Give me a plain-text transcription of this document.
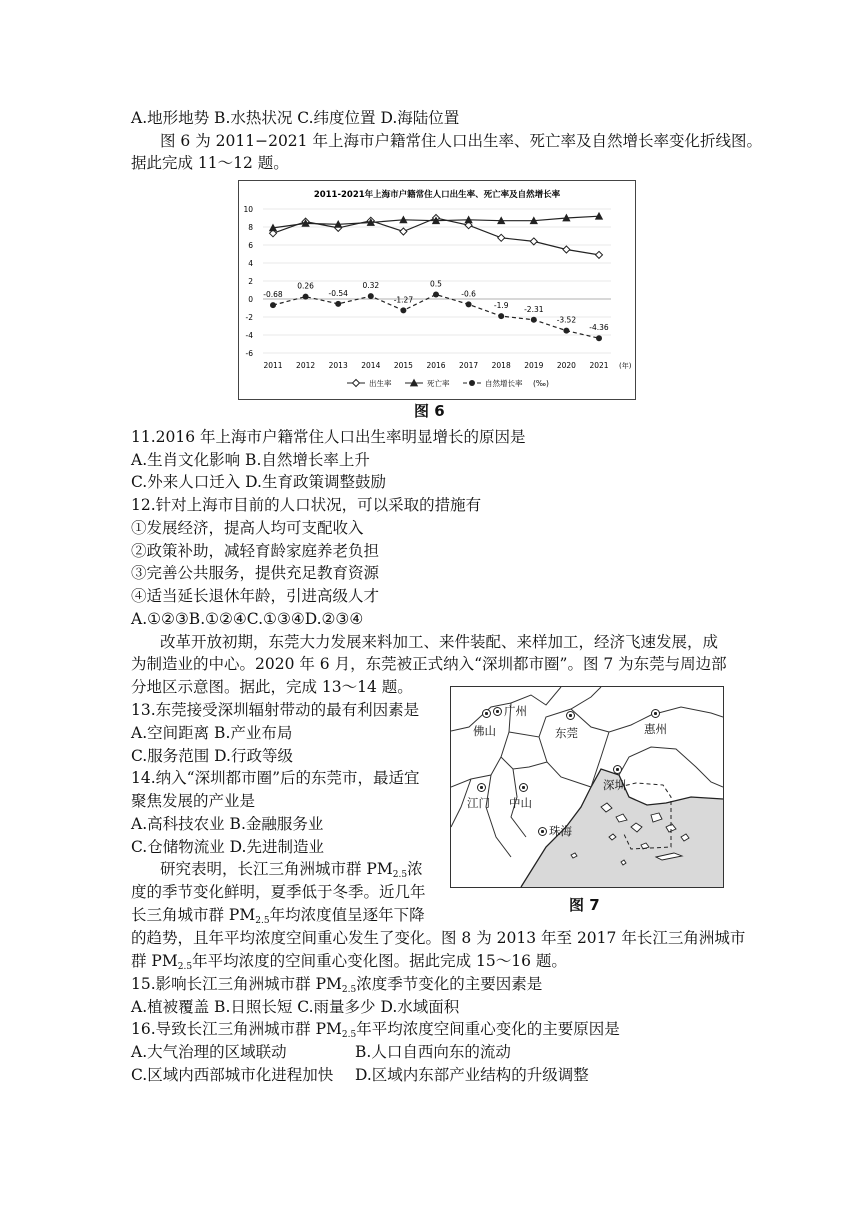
A.地形地势 B.水热状况 C.纬度位置 D.海陆位置
图 6 为 2011−2021 年上海市户籍常住人口出生率、死亡率及自然增长率变化折线图。
据此完成 11～12 题。
2011-2021年上海市户籍常住人口出生率、死亡率及自然增长率
-6
-4
-2
0
2
4
6
8
10
2011 2012 2013 2014 2015 2016 2017 2018 2019 2020 2021 (年)
-0.68
0.26
-0.54
0.32
-1.27
0.5
-0.6
-1.9 -2.31
-3.52
-4.36
出生率	死亡率	自然增长率 (‰)
图 6
11.2016 年上海市户籍常住人口出生率明显增长的原因是
A.生肖文化影响 B.自然增长率上升
C.外来人口迁入 D.生育政策调整鼓励
12.针对上海市目前的人口状况，可以采取的措施有
①发展经济，提高人均可支配收入
②政策补助，减轻育龄家庭养老负担
③完善公共服务，提供充足教育资源
④适当延长退休年龄，引进高级人才
A.①②③B.①②④C.①③④D.②③④
改革开放初期，东莞大力发展来料加工、来件装配、来样加工，经济飞速发展，成
为制造业的中心。2020 年 6 月，东莞被正式纳入“深圳都市圈”。图 7 为东莞与周边部
分地区示意图。据此，完成 13～14 题。
13.东莞接受深圳辐射带动的最有利因素是
A.空间距离 B.产业布局
C.服务范围 D.行政等级
14.纳入“深圳都市圈”后的东莞市，最适宜
聚焦发展的产业是
A.高科技农业 B.金融服务业
C.仓储物流业 D.先进制造业
研究表明，长江三角洲城市群 $PM_{2.5}$浓
度的季节变化鲜明，夏季低于冬季。近几年
长三角城市群 $PM_{2.5}$年均浓度值呈逐年下降
的趋势，且年平均浓度空间重心发生了变化。图 8 为 2013 年至 2017 年长江三角洲城市
群 $PM_{2.5}$年平均浓度的空间重心变化图。据此完成 15～16 题。
15.影响长江三角洲城市群 $PM_{2.5}$浓度季节变化的主要因素是
A.植被覆盖 B.日照长短 C.雨量多少 D.水域面积
16.导致长江三角洲城市群 $PM_{2.5}$年平均浓度空间重心变化的主要原因是
A.大气治理的区域联动	B.人口自西向东的流动
C.区域内西部城市化进程加快 D.区域内东部产业结构的升级调整
广州
佛山	东莞	惠州
深圳
江门 中山
珠海
图 7
